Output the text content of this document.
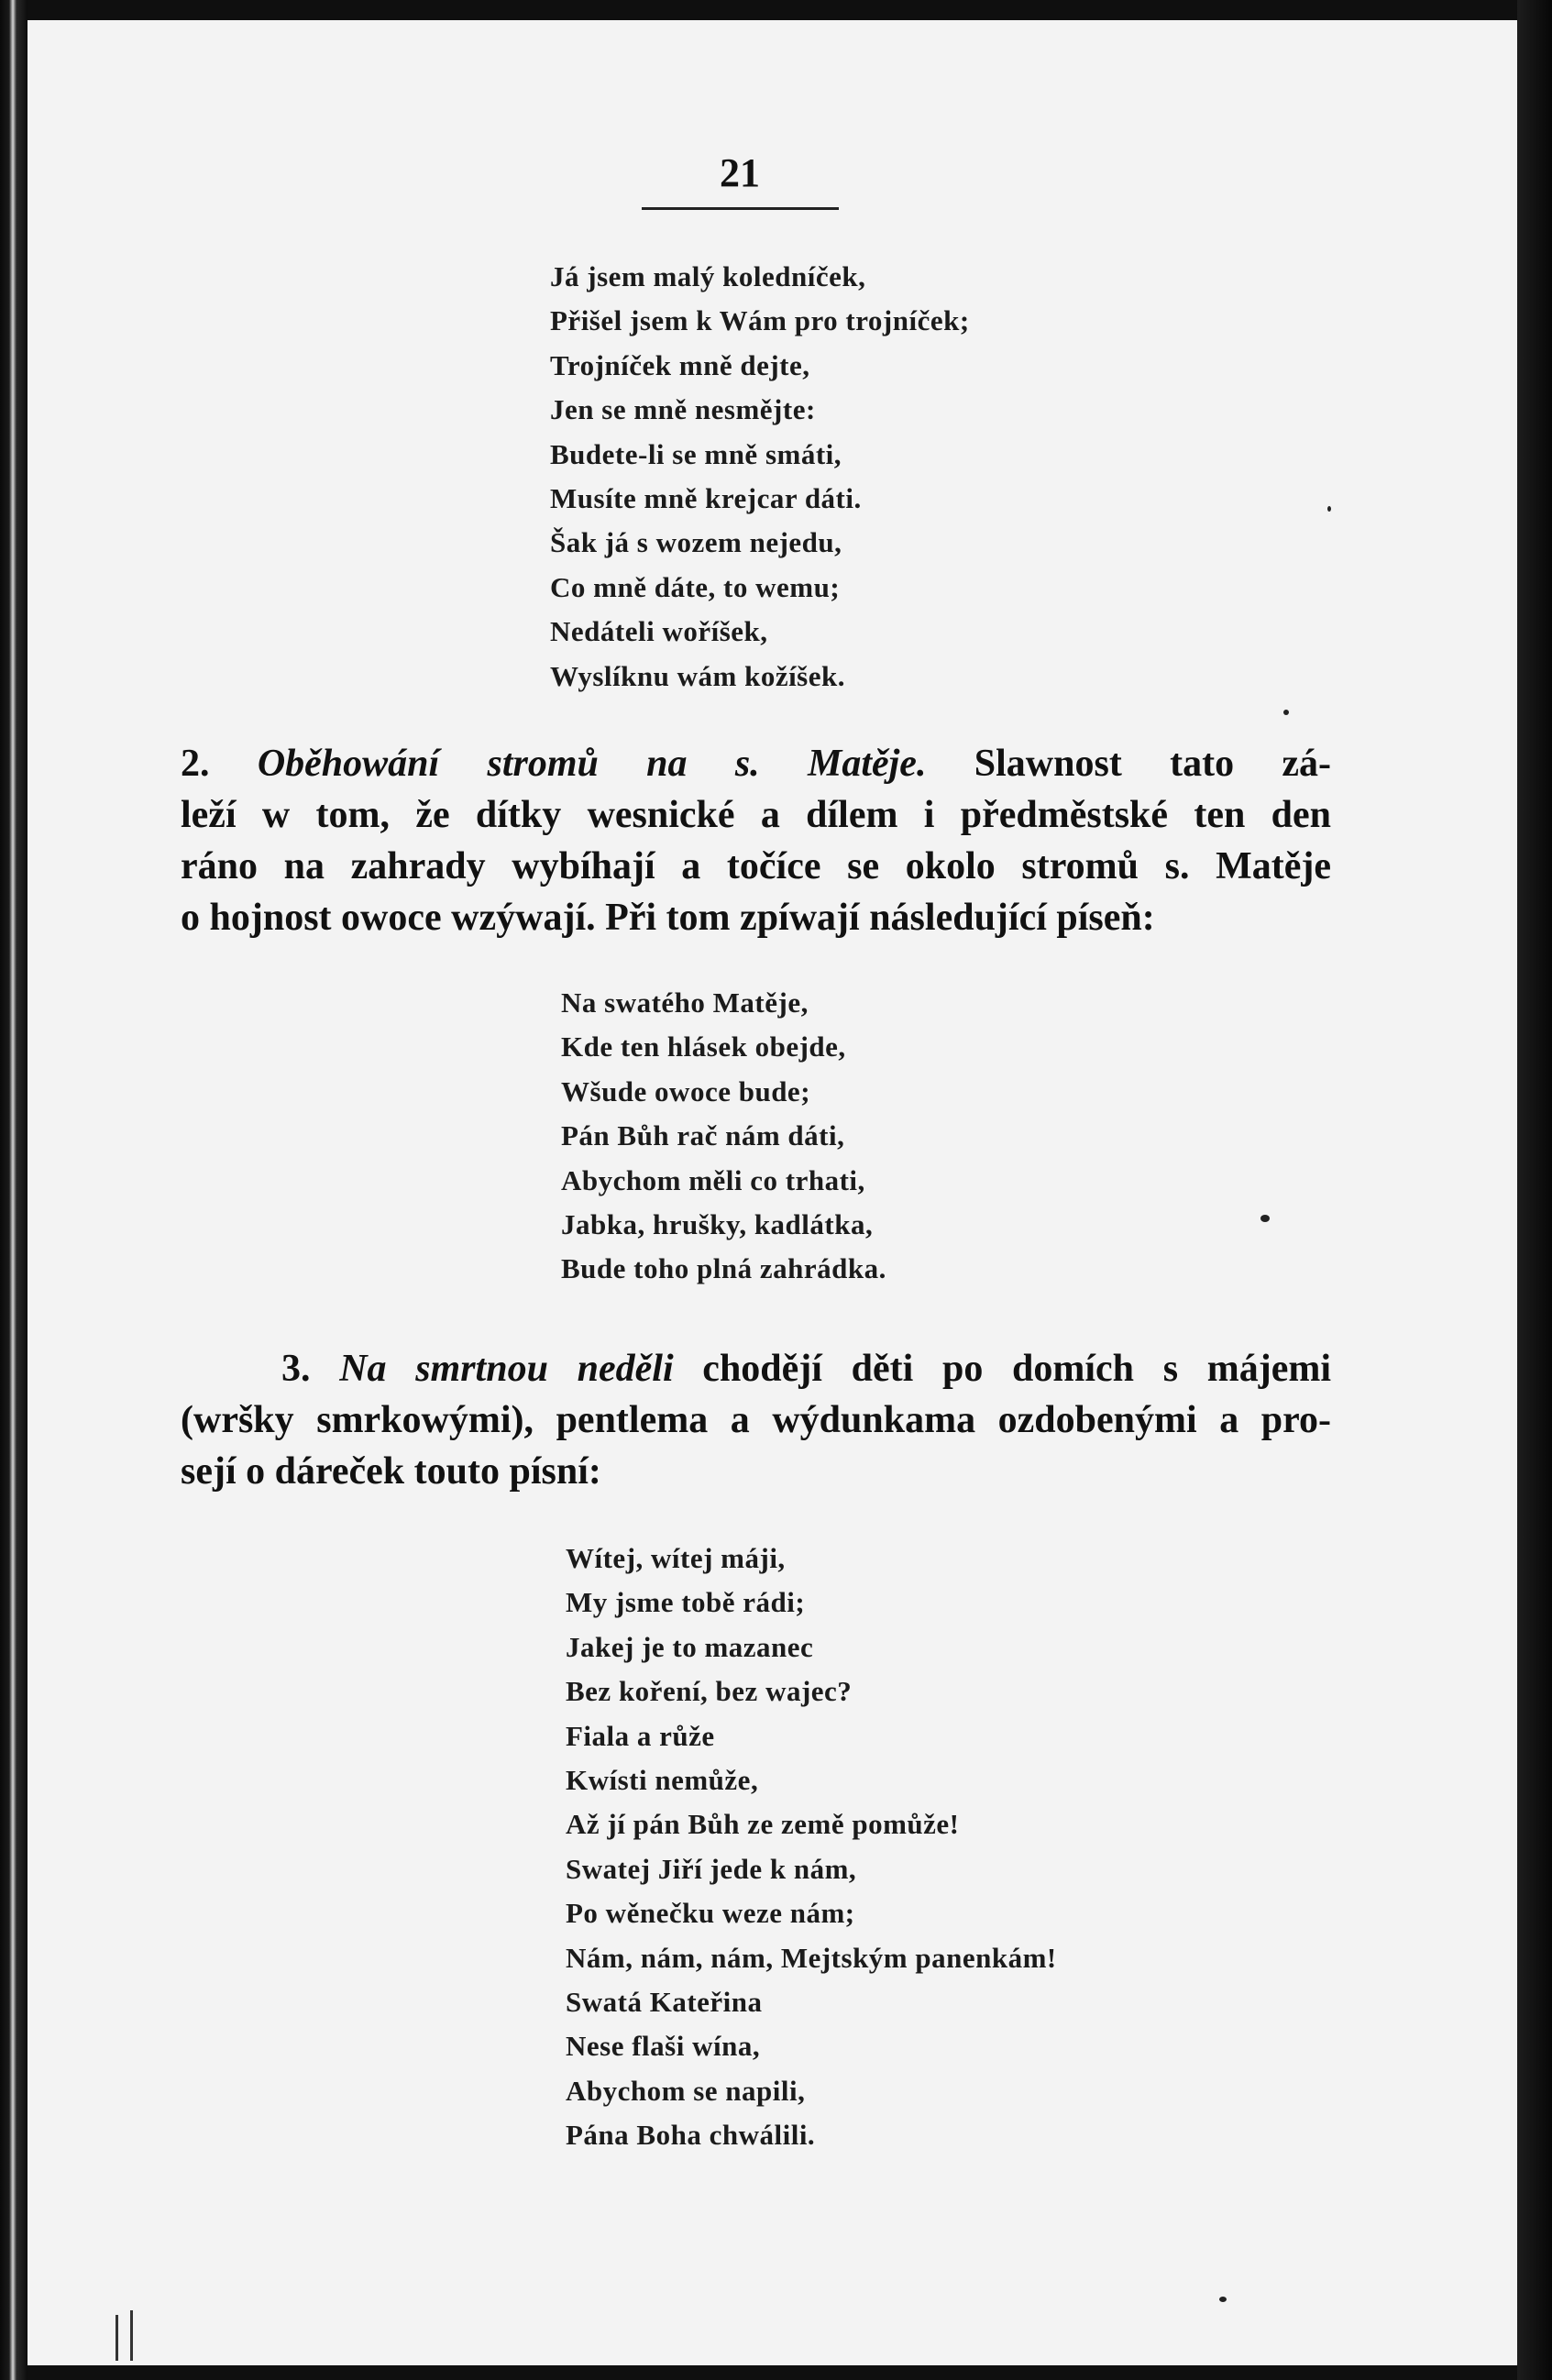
21
Já jsem malý koledníček,
Přišel jsem k Wám pro trojníček;
Trojníček mně dejte,
Jen se mně nesmějte:
Budete-li se mně smáti,
Musíte mně krejcar dáti.
Šak já s wozem nejedu,
Co mně dáte, to wemu;
Nedáteli woříšek,
Wyslíknu wám kožíšek.
2. Oběhowání stromů na s. Matěje. Slawnost tato zá-
leží w tom, že dítky wesnické a dílem i předměstské ten den
ráno na zahrady wybíhají a točíce se okolo stromů s. Matěje
o hojnost owoce wzýwají. Při tom zpíwají následující píseň:
Na swatého Matěje,
Kde ten hlásek obejde,
Wšude owoce bude;
Pán Bůh rač nám dáti,
Abychom měli co trhati,
Jabka, hrušky, kadlátka,
Bude toho plná zahrádka.
3. Na smrtnou neděli chodějí děti po domích s májemi
(wršky smrkowými), pentlema a wýdunkama ozdobenými a pro-
sejí o dáreček touto písní:
Wítej, wítej máji,
My jsme tobě rádi;
Jakej je to mazanec
Bez koření, bez wajec?
Fiala a růže
Kwísti nemůže,
Až jí pán Bůh ze země pomůže!
Swatej Jiří jede k nám,
Po wěnečku weze nám;
Nám, nám, nám, Mejtským panenkám!
Swatá Kateřina
Nese flaši wína,
Abychom se napili,
Pána Boha chwálili.
